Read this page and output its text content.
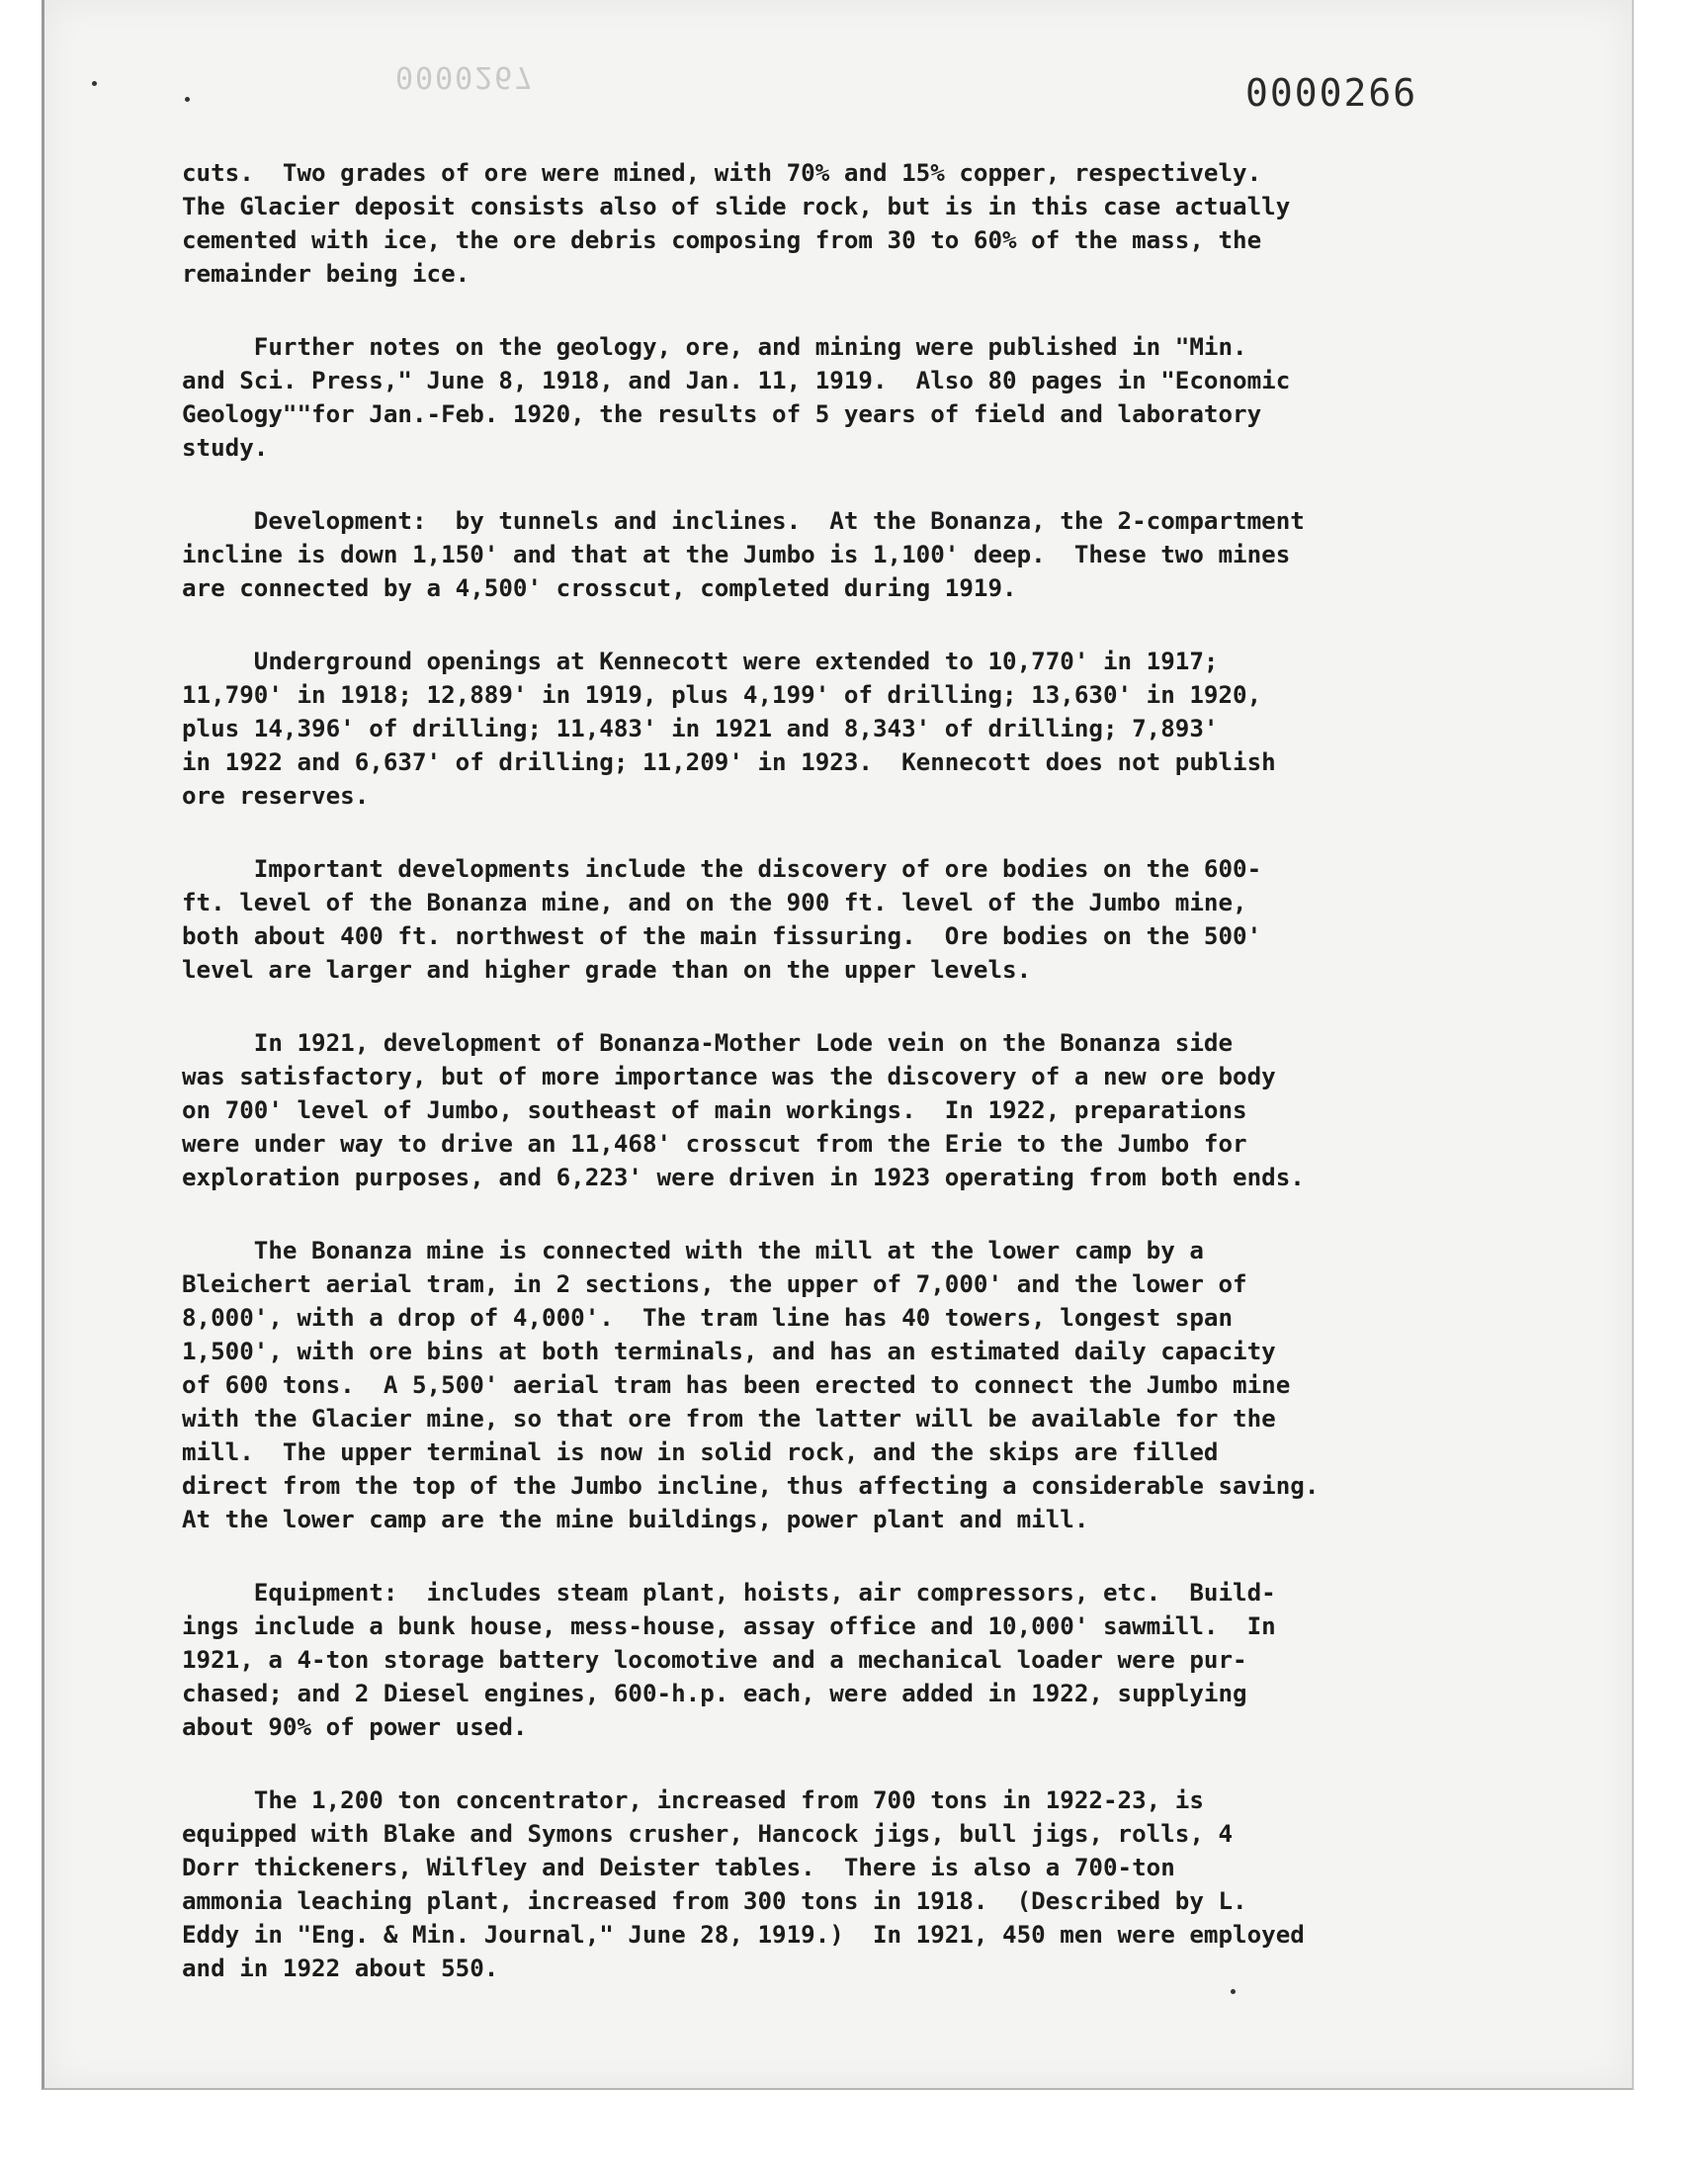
0000267	0000266
cuts.  Two grades of ore were mined, with 70% and 15% copper, respectively.
The Glacier deposit consists also of slide rock, but is in this case actually
cemented with ice, the ore debris composing from 30 to 60% of the mass, the
remainder being ice.
Further notes on the geology, ore, and mining were published in "Min.
and Sci. Press," June 8, 1918, and Jan. 11, 1919.  Also 80 pages in "Economic
Geology""for Jan.-Feb. 1920, the results of 5 years of field and laboratory
study.
Development:  by tunnels and inclines.  At the Bonanza, the 2-compartment
incline is down 1,150' and that at the Jumbo is 1,100' deep.  These two mines
are connected by a 4,500' crosscut, completed during 1919.
Underground openings at Kennecott were extended to 10,770' in 1917;
11,790' in 1918; 12,889' in 1919, plus 4,199' of drilling; 13,630' in 1920,
plus 14,396' of drilling; 11,483' in 1921 and 8,343' of drilling; 7,893'
in 1922 and 6,637' of drilling; 11,209' in 1923.  Kennecott does not publish
ore reserves.
Important developments include the discovery of ore bodies on the 600-
ft. level of the Bonanza mine, and on the 900 ft. level of the Jumbo mine,
both about 400 ft. northwest of the main fissuring.  Ore bodies on the 500'
level are larger and higher grade than on the upper levels.
In 1921, development of Bonanza-Mother Lode vein on the Bonanza side
was satisfactory, but of more importance was the discovery of a new ore body
on 700' level of Jumbo, southeast of main workings.  In 1922, preparations
were under way to drive an 11,468' crosscut from the Erie to the Jumbo for
exploration purposes, and 6,223' were driven in 1923 operating from both ends.
The Bonanza mine is connected with the mill at the lower camp by a
Bleichert aerial tram, in 2 sections, the upper of 7,000' and the lower of
8,000', with a drop of 4,000'.  The tram line has 40 towers, longest span
1,500', with ore bins at both terminals, and has an estimated daily capacity
of 600 tons.  A 5,500' aerial tram has been erected to connect the Jumbo mine
with the Glacier mine, so that ore from the latter will be available for the
mill.  The upper terminal is now in solid rock, and the skips are filled
direct from the top of the Jumbo incline, thus affecting a considerable saving.
At the lower camp are the mine buildings, power plant and mill.
Equipment:  includes steam plant, hoists, air compressors, etc.  Build-
ings include a bunk house, mess-house, assay office and 10,000' sawmill.  In
1921, a 4-ton storage battery locomotive and a mechanical loader were pur-
chased; and 2 Diesel engines, 600-h.p. each, were added in 1922, supplying
about 90% of power used.
The 1,200 ton concentrator, increased from 700 tons in 1922-23, is
equipped with Blake and Symons crusher, Hancock jigs, bull jigs, rolls, 4
Dorr thickeners, Wilfley and Deister tables.  There is also a 700-ton
ammonia leaching plant, increased from 300 tons in 1918.  (Described by L.
Eddy in "Eng. & Min. Journal," June 28, 1919.)  In 1921, 450 men were employed
and in 1922 about 550.
